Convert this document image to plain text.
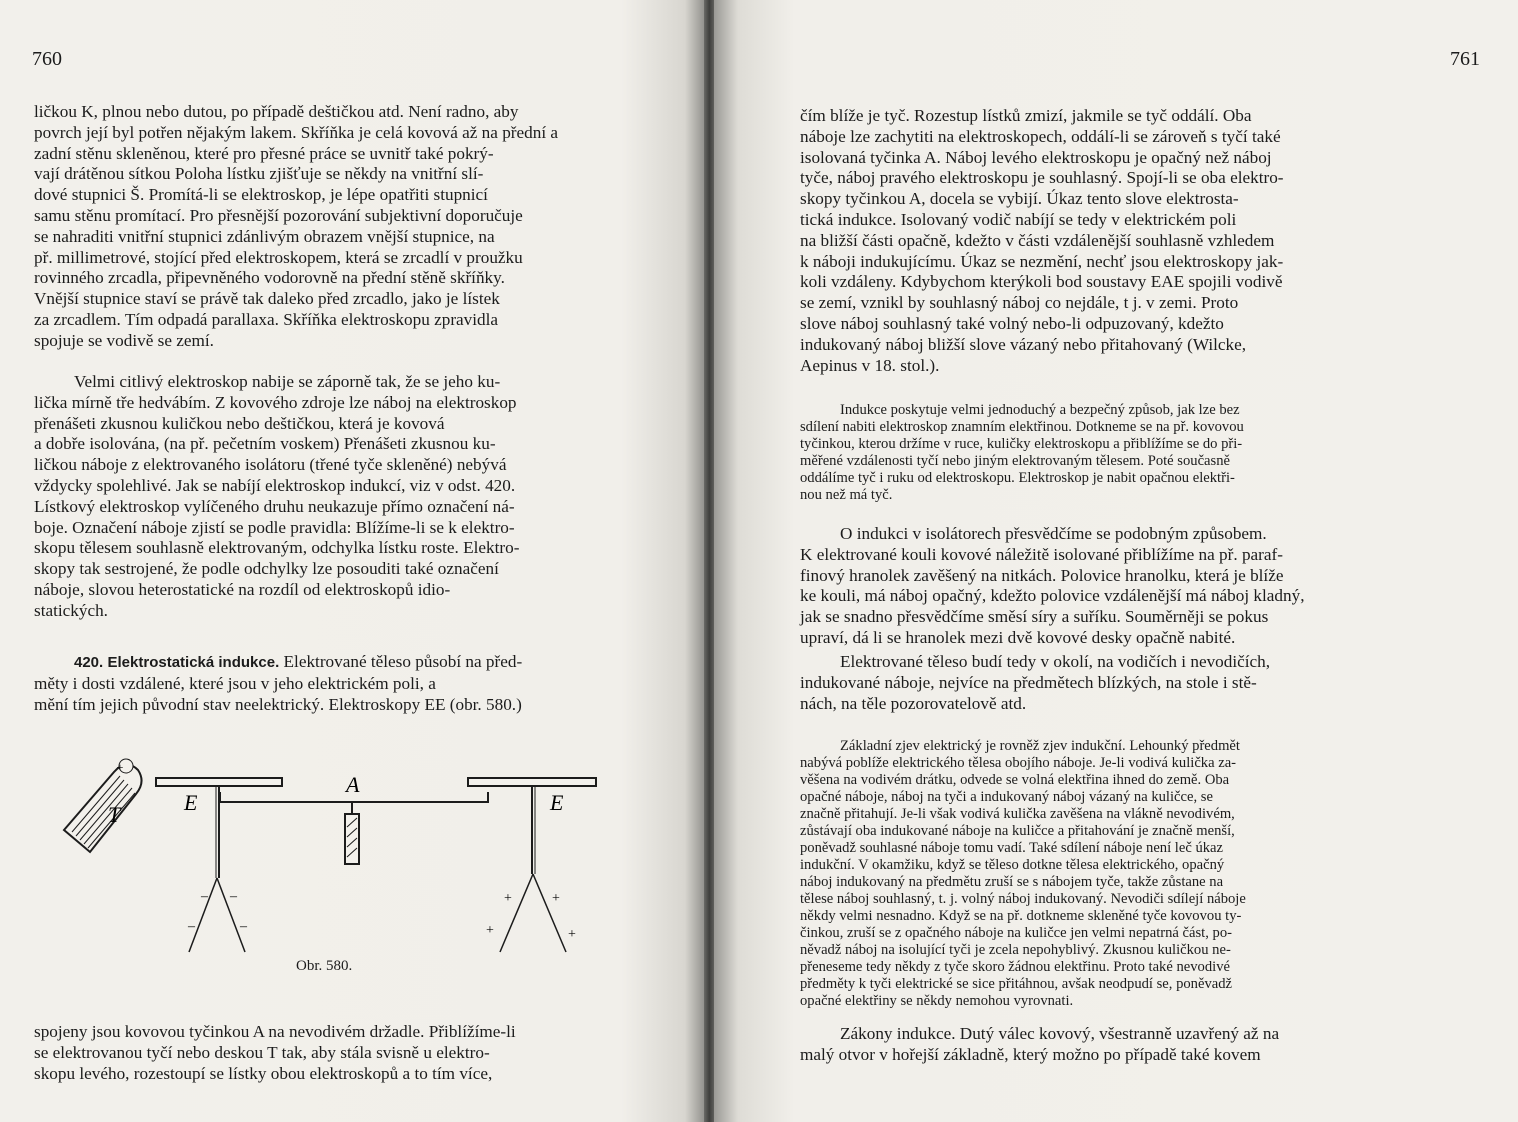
760

ličkou K, plnou nebo dutou, po případě deštičkou atd. Není radno, aby

povrch její byl potřen nějakým lakem. Skříňka je celá kovová až na přední a

zadní stěnu skleněnou, které pro přesné práce se uvnitř také pokrý-

vají drátěnou sítkou Poloha lístku zjišťuje se někdy na vnitřní slí-

dové stupnici Š. Promítá-li se elektroskop, je lépe opatřiti stupnicí

samu stěnu promítací. Pro přesnější pozorování subjektivní doporučuje

se nahraditi vnitřní stupnici zdánlivým obrazem vnější stupnice, na

př. millimetrové, stojící před elektroskopem, která se zrcadlí v proužku

rovinného zrcadla, připevněného vodorovně na přední stěně skříňky.

Vnější stupnice staví se právě tak daleko před zrcadlo, jako je lístek

za zrcadlem. Tím odpadá parallaxa. Skříňka elektroskopu zpravidla

spojuje se vodivě se zemí.

Velmi citlivý elektroskop nabije se záporně tak, že se jeho ku-

lička mírně tře hedvábím. Z kovového zdroje lze náboj na elektroskop

přenášeti zkusnou kuličkou nebo deštičkou, která je kovová

a dobře isolována, (na př. pečetním voskem) Přenášeti zkusnou ku-

ličkou náboje z elektrovaného isolátoru (třené tyče skleněné) nebývá

vždycky spolehlivé. Jak se nabíjí elektroskop indukcí, viz v odst. 420.

Lístkový elektroskop vylíčeného druhu neukazuje přímo označení ná-

boje. Označení náboje zjistí se podle pravidla: Blížíme-li se k elektro-

skopu tělesem souhlasně elektrovaným, odchylka lístku roste. Elektro-

skopy tak sestrojené, že podle odchylky lze posouditi také označení

náboje, slovou heterostatické na rozdíl od elektroskopů idio-

statických.

420. Elektrostatická indukce. Elektrované těleso působí na před-

měty i dosti vzdálené, které jsou v jeho elektrickém poli, a

mění tím jejich původní stav neelektrický. Elektroskopy EE (obr. 580.)

+
T	E
– –
–	–
A
E
+	+
+	+
Obr. 580.

spojeny jsou kovovou tyčinkou A na nevodivém držadle. Přiblížíme-li

se elektrovanou tyčí nebo deskou T tak, aby stála svisně u elektro-

skopu levého, rozestoupí se lístky obou elektroskopů a to tím více,

761

čím blíže je tyč. Rozestup lístků zmizí, jakmile se tyč oddálí. Oba

náboje lze zachytiti na elektroskopech, oddálí-li se zároveň s tyčí také

isolovaná tyčinka A. Náboj levého elektroskopu je opačný než náboj

tyče, náboj pravého elektroskopu je souhlasný. Spojí-li se oba elektro-

skopy tyčinkou A, docela se vybijí. Úkaz tento slove elektrosta-

tická indukce. Isolovaný vodič nabíjí se tedy v elektrickém poli

na bližší části opačně, kdežto v části vzdálenější souhlasně vzhledem

k náboji indukujícímu. Úkaz se nezmění, nechť jsou elektroskopy jak-

koli vzdáleny. Kdybychom kterýkoli bod soustavy EAE spojili vodivě

se zemí, vznikl by souhlasný náboj co nejdále, t j. v zemi. Proto

slove náboj souhlasný také volný nebo-li odpuzovaný, kdežto

indukovaný náboj bližší slove vázaný nebo přitahovaný (Wilcke,

Aepinus v 18. stol.).

Indukce poskytuje velmi jednoduchý a bezpečný způsob, jak lze bez

sdílení nabiti elektroskop znamním elektřinou. Dotkneme se na př. kovovou

tyčinkou, kterou držíme v ruce, kuličky elektroskopu a přiblížíme se do při-

měřené vzdálenosti tyčí nebo jiným elektrovaným tělesem. Poté současně

oddálíme tyč i ruku od elektroskopu. Elektroskop je nabit opačnou elektři-

nou než má tyč.

O indukci v isolátorech přesvědčíme se podobným způsobem.

K elektrované kouli kovové náležitě isolované přiblížíme na př. paraf-

finový hranolek zavěšený na nitkách. Polovice hranolku, která je blíže

ke kouli, má náboj opačný, kdežto polovice vzdálenější má náboj kladný,

jak se snadno přesvědčíme směsí síry a suříku. Souměrněji se pokus

upraví, dá li se hranolek mezi dvě kovové desky opačně nabité.

Elektrované těleso budí tedy v okolí, na vodičích i nevodičích,

indukované náboje, nejvíce na předmětech blízkých, na stole i stě-

nách, na těle pozorovatelově atd.

Základní zjev elektrický je rovněž zjev indukční. Lehounký předmět

nabývá poblíže elektrického tělesa obojího náboje. Je-li vodivá kulička za-

věšena na vodivém drátku, odvede se volná elektřina ihned do země. Oba

opačné náboje, náboj na tyči a indukovaný náboj vázaný na kuličce, se

značně přitahují. Je-li však vodivá kulička zavěšena na vlákně nevodivém,

zůstávají oba indukované náboje na kuličce a přitahování je značně menší,

poněvadž souhlasné náboje tomu vadí. Také sdílení náboje není leč úkaz

indukční. V okamžiku, když se těleso dotkne tělesa elektrického, opačný

náboj indukovaný na předmětu zruší se s nábojem tyče, takže zůstane na

tělese náboj souhlasný, t. j. volný náboj indukovaný. Nevodiči sdílejí náboje

někdy velmi nesnadno. Když se na př. dotkneme skleněné tyče kovovou ty-

činkou, zruší se z opačného náboje na kuličce jen velmi nepatrná část, po-

něvadž náboj na isolující tyči je zcela nepohyblivý. Zkusnou kuličkou ne-

přeneseme tedy někdy z tyče skoro žádnou elektřinu. Proto také nevodivé

předměty k tyči elektrické se sice přitáhnou, avšak neodpudí se, poněvadž

opačné elektřiny se někdy nemohou vyrovnati.

Zákony indukce. Dutý válec kovový, všestranně uzavřený až na

malý otvor v hořejší základně, který možno po případě také kovem
